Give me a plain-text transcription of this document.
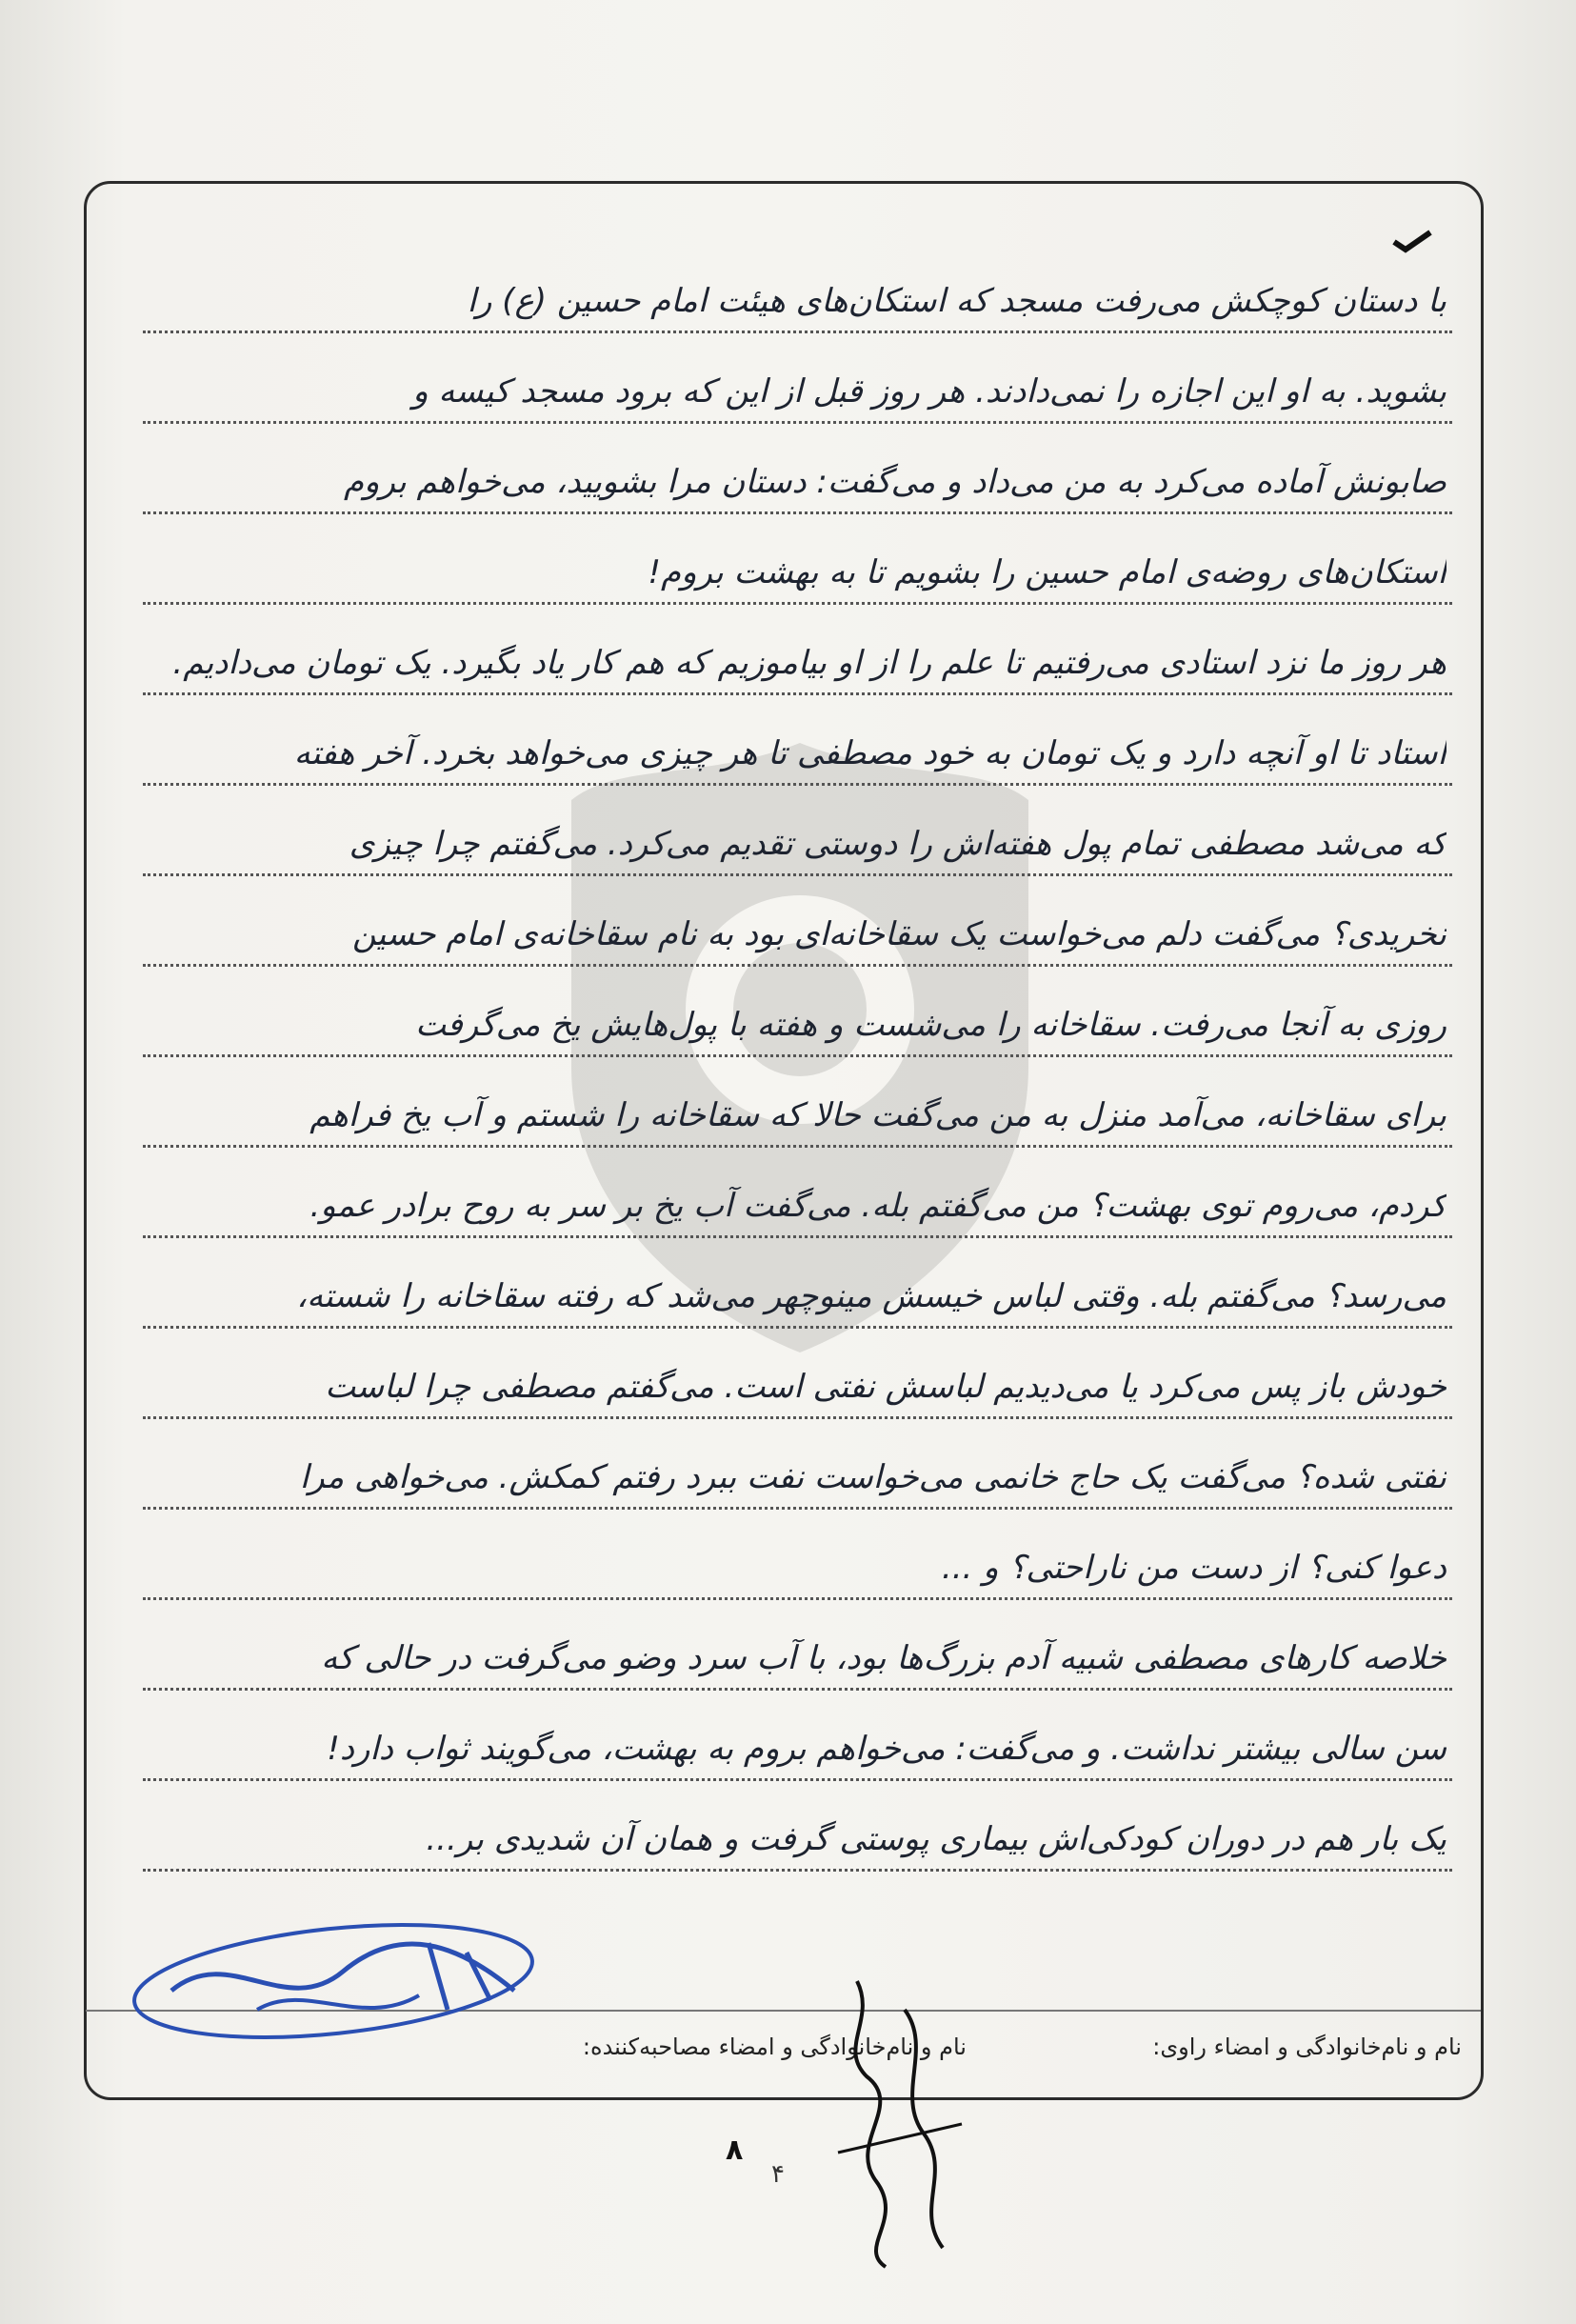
با دستان کوچکش می‌رفت مسجد که استکان‌های هیئت امام حسین (ع) را
بشوید. به او این اجازه را نمی‌دادند. هر روز قبل از این که برود مسجد کیسه و
صابونش آماده می‌کرد به من می‌داد و می‌گفت: دستان مرا بشویید، می‌خواهم بروم
استکان‌های روضه‌ی امام حسین را بشویم تا به بهشت بروم!
هر روز ما نزد استادی می‌رفتیم تا علم را از او بیاموزیم که هم کار یاد بگیرد. یک تومان می‌دادیم.
استاد تا او آنچه دارد و یک تومان به خود مصطفی تا هر چیزی می‌خواهد بخرد. آخر هفته
که می‌شد مصطفی تمام پول هفته‌اش را دوستی تقدیم می‌کرد. می‌گفتم چرا چیزی
نخریدی؟ می‌گفت دلم می‌خواست یک سقاخانه‌ای بود به نام سقاخانه‌ی امام حسین
روزی به آنجا می‌رفت. سقاخانه را می‌شست و هفته با پول‌هایش یخ می‌گرفت
برای سقاخانه، می‌آمد منزل به من می‌گفت حالا که سقاخانه را شستم و آب یخ فراهم
کردم، می‌روم توی بهشت؟ من می‌گفتم بله. می‌گفت آب یخ بر سر به روح برادر عمو.
می‌رسد؟ می‌گفتم بله. وقتی لباس خیسش مینوچهر می‌شد که رفته سقاخانه را شسته،
خودش باز پس می‌کرد یا می‌دیدیم لباسش نفتی است. می‌گفتم مصطفی چرا لباست
نفتی شده؟ می‌گفت یک حاج خانمی می‌خواست نفت ببرد رفتم کمکش. می‌خواهی مرا
دعوا کنی؟ از دست من ناراحتی؟ و ...
خلاصه کارهای مصطفی شبیه آدم بزرگ‌ها بود، با آب سرد وضو می‌گرفت در حالی که
سن سالی بیشتر نداشت. و می‌گفت: می‌خواهم بروم به بهشت، می‌گویند ثواب دارد!
یک بار هم در دوران کودکی‌اش بیماری پوستی گرفت و همان آن شدیدی بر...
نام و نام‌خانوادگی و امضاء راوی:
نام و نام‌خانوادگی و امضاء مصاحبه‌کننده:
۸
۴
